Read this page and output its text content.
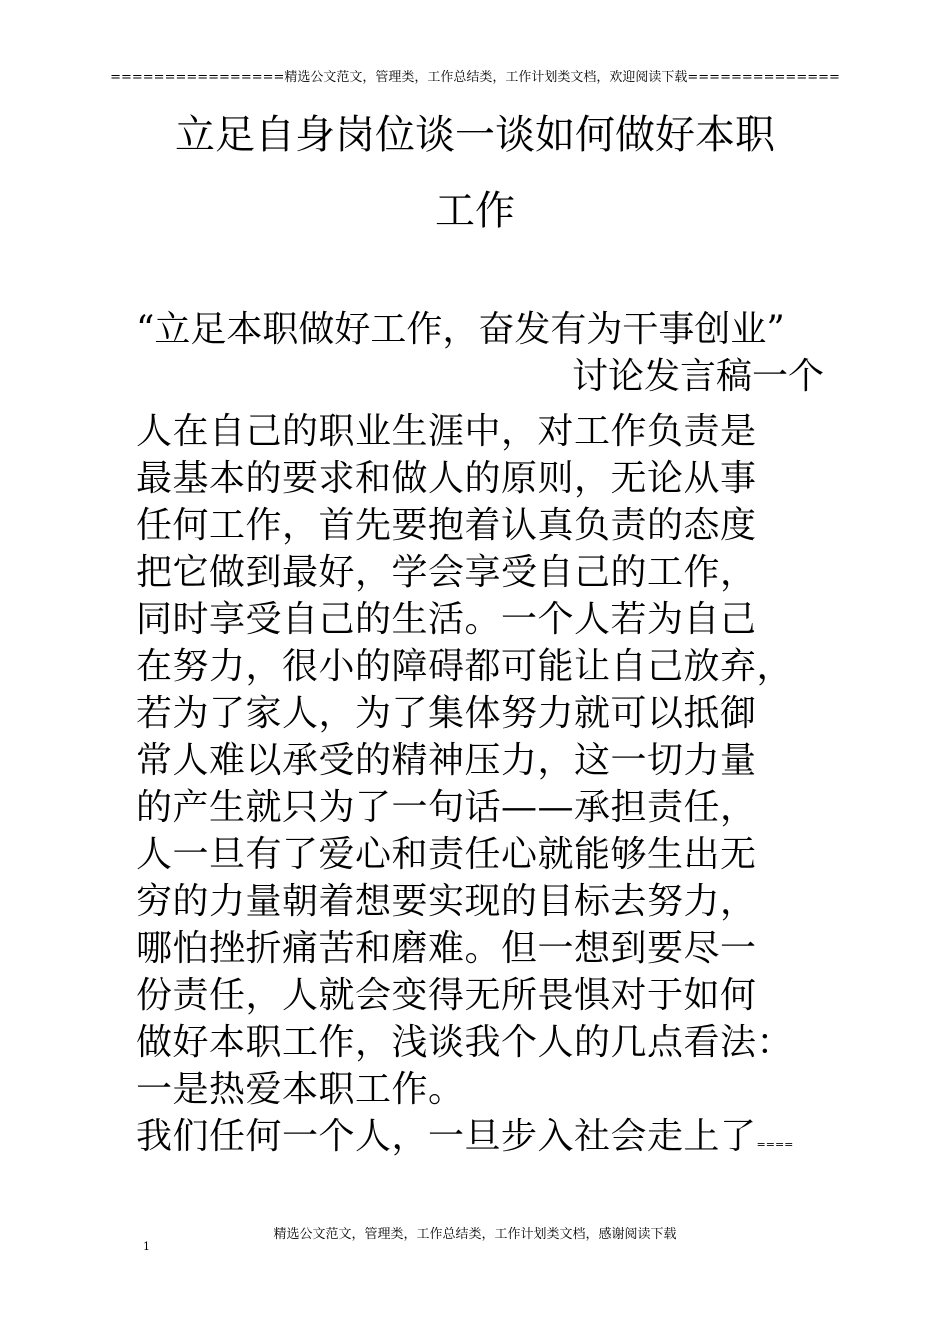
================精选公文范文，管理类，工作总结类，工作计划类文档，欢迎阅读下载==============
立足自身岗位谈一谈如何做好本职
工作
“立足本职做好工作，奋发有为干事创业”
讨论发言稿一个
人在自己的职业生涯中，对工作负责是
最基本的要求和做人的原则，无论从事
任何工作，首先要抱着认真负责的态度
把它做到最好，学会享受自己的工作，
同时享受自己的生活。一个人若为自己
在努力，很小的障碍都可能让自己放弃，
若为了家人，为了集体努力就可以抵御
常人难以承受的精神压力，这一切力量
的产生就只为了一句话——承担责任，
人一旦有了爱心和责任心就能够生出无
穷的力量朝着想要实现的目标去努力，
哪怕挫折痛苦和磨难。但一想到要尽一
份责任，人就会变得无所畏惧对于如何
做好本职工作，浅谈我个人的几点看法：
一是热爱本职工作。
我们任何一个人，一旦步入社会走上了====
精选公文范文，管理类，工作总结类，工作计划类文档，感谢阅读下载
1
